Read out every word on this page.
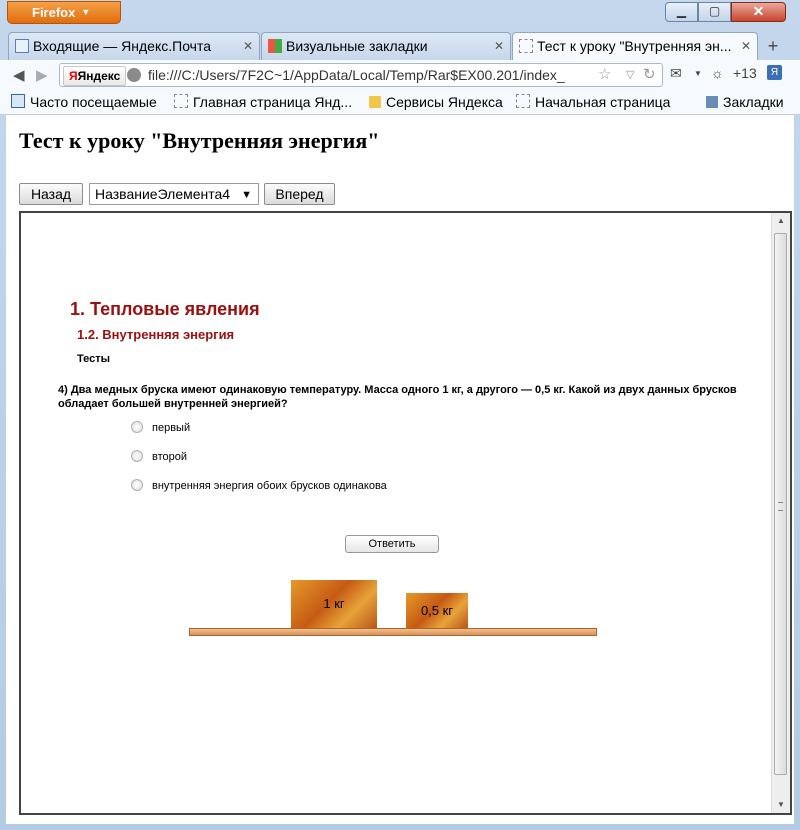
Firefox ▼	▁	▢	✕
Входящие — Яндекс.Почта	✕	Визуальные закладки	✕	Тест к уроку "Внутренняя эн... ✕ +
◀ ▶	ЯЯндекс	file:///C:/Users/7F2C~1/AppData/Local/Temp/Rar$EX00.201/index_	☆ ▽ ↻ ✉ ▼ ☼ +13	Я
Часто посещаемые	Главная страница Янд...	Сервисы Яндекса	Начальная страница	Закладки
Тест к уроку "Внутренняя энергия"
Назад	НазваниеЭлемента4 ▼	Вперед
1. Тепловые явления
1.2. Внутренняя энергия
Тесты
4) Два медных бруска имеют одинаковую температуру. Масса одного 1 кг, а другого — 0,5 кг. Какой из двух данных брусков обладает большей внутренней энергией?
первый
второй
внутренняя энергия обоих брусков одинакова
Ответить
1 кг	0,5 кг
▲
▼
